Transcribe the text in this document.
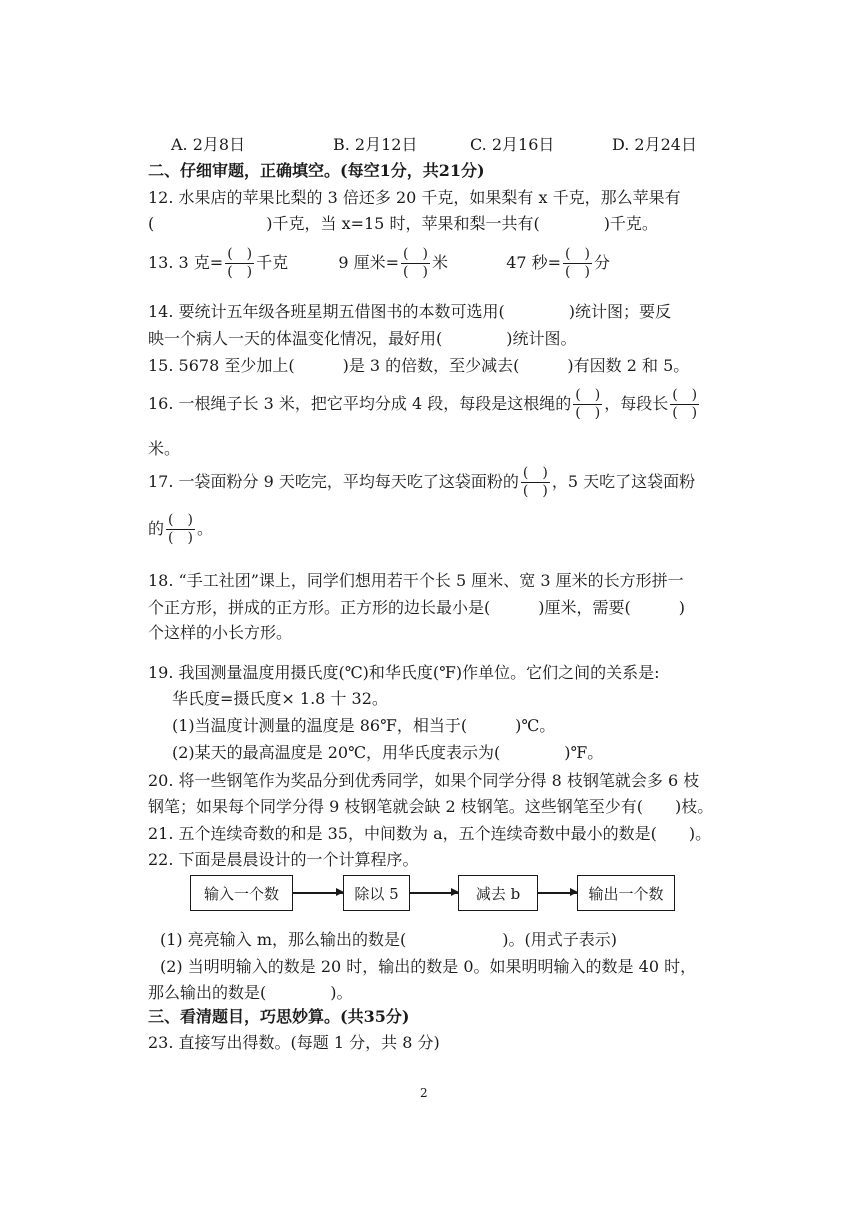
A. 2月8日	B. 2月12日	C. 2月16日	D. 2月24日
二、仔细审题，正确填空。(每空1分，共21分)
12. 水果店的苹果比梨的 3 倍还多 20 千克，如果梨有 x 千克，那么苹果有
(　　　　　　　)千克，当 x=15 时，苹果和梨一共有(　　　　)千克。
13. 3 克= $\frac{( )}{( )}$ 千克	9 厘米= $\frac{( )}{( )}$ 米	47 秒= $\frac{( )}{( )}$ 分
14. 要统计五年级各班星期五借图书的本数可选用(　　　　)统计图；要反
映一个病人一天的体温变化情况，最好用(　　　　)统计图。
15. 5678 至少加上(　　　)是 3 的倍数，至少减去(　　　)有因数 2 和 5。
16. 一根绳子长 3 米，把它平均分成 4 段，每段是这根绳的 $\frac{( )}{( )}$ ，每段长 $\frac{( )}{( )}$
米。
17. 一袋面粉分 9 天吃完，平均每天吃了这袋面粉的 $\frac{( )}{( )}$ ，5 天吃了这袋面粉
的 $\frac{( )}{( )}$ 。
18. “手工社团”课上，同学们想用若干个长 5 厘米、宽 3 厘米的长方形拼一
个正方形，拼成的正方形。正方形的边长最小是(　　　)厘米，需要(　　　)
个这样的小长方形。
19. 我国测量温度用摄氏度(℃)和华氏度(℉)作单位。它们之间的关系是:
华氏度=摄氏度× 1.8 十 32。
(1)当温度计测量的温度是 86℉，相当于(　　　)℃。
(2)某天的最高温度是 20℃，用华氏度表示为(　　　　)℉。
20. 将一些钢笔作为奖品分到优秀同学，如果个同学分得 8 枝钢笔就会多 6 枝
钢笔；如果每个同学分得 9 枝钢笔就会缺 2 枝钢笔。这些钢笔至少有(　　)枝。
21. 五个连续奇数的和是 35，中间数为 a，五个连续奇数中最小的数是(　　)。
22. 下面是晨晨设计的一个计算程序。
输入一个数	除以 5	减去 b	输出一个数
(1) 亮亮输入 m，那么输出的数是(　　　　　　)。(用式子表示)
(2) 当明明输入的数是 20 时，输出的数是 0。如果明明输入的数是 40 时，
那么输出的数是(　　　　)。
三、看清题目，巧思妙算。(共35分)
23. 直接写出得数。(每题 1 分，共 8 分)
2
